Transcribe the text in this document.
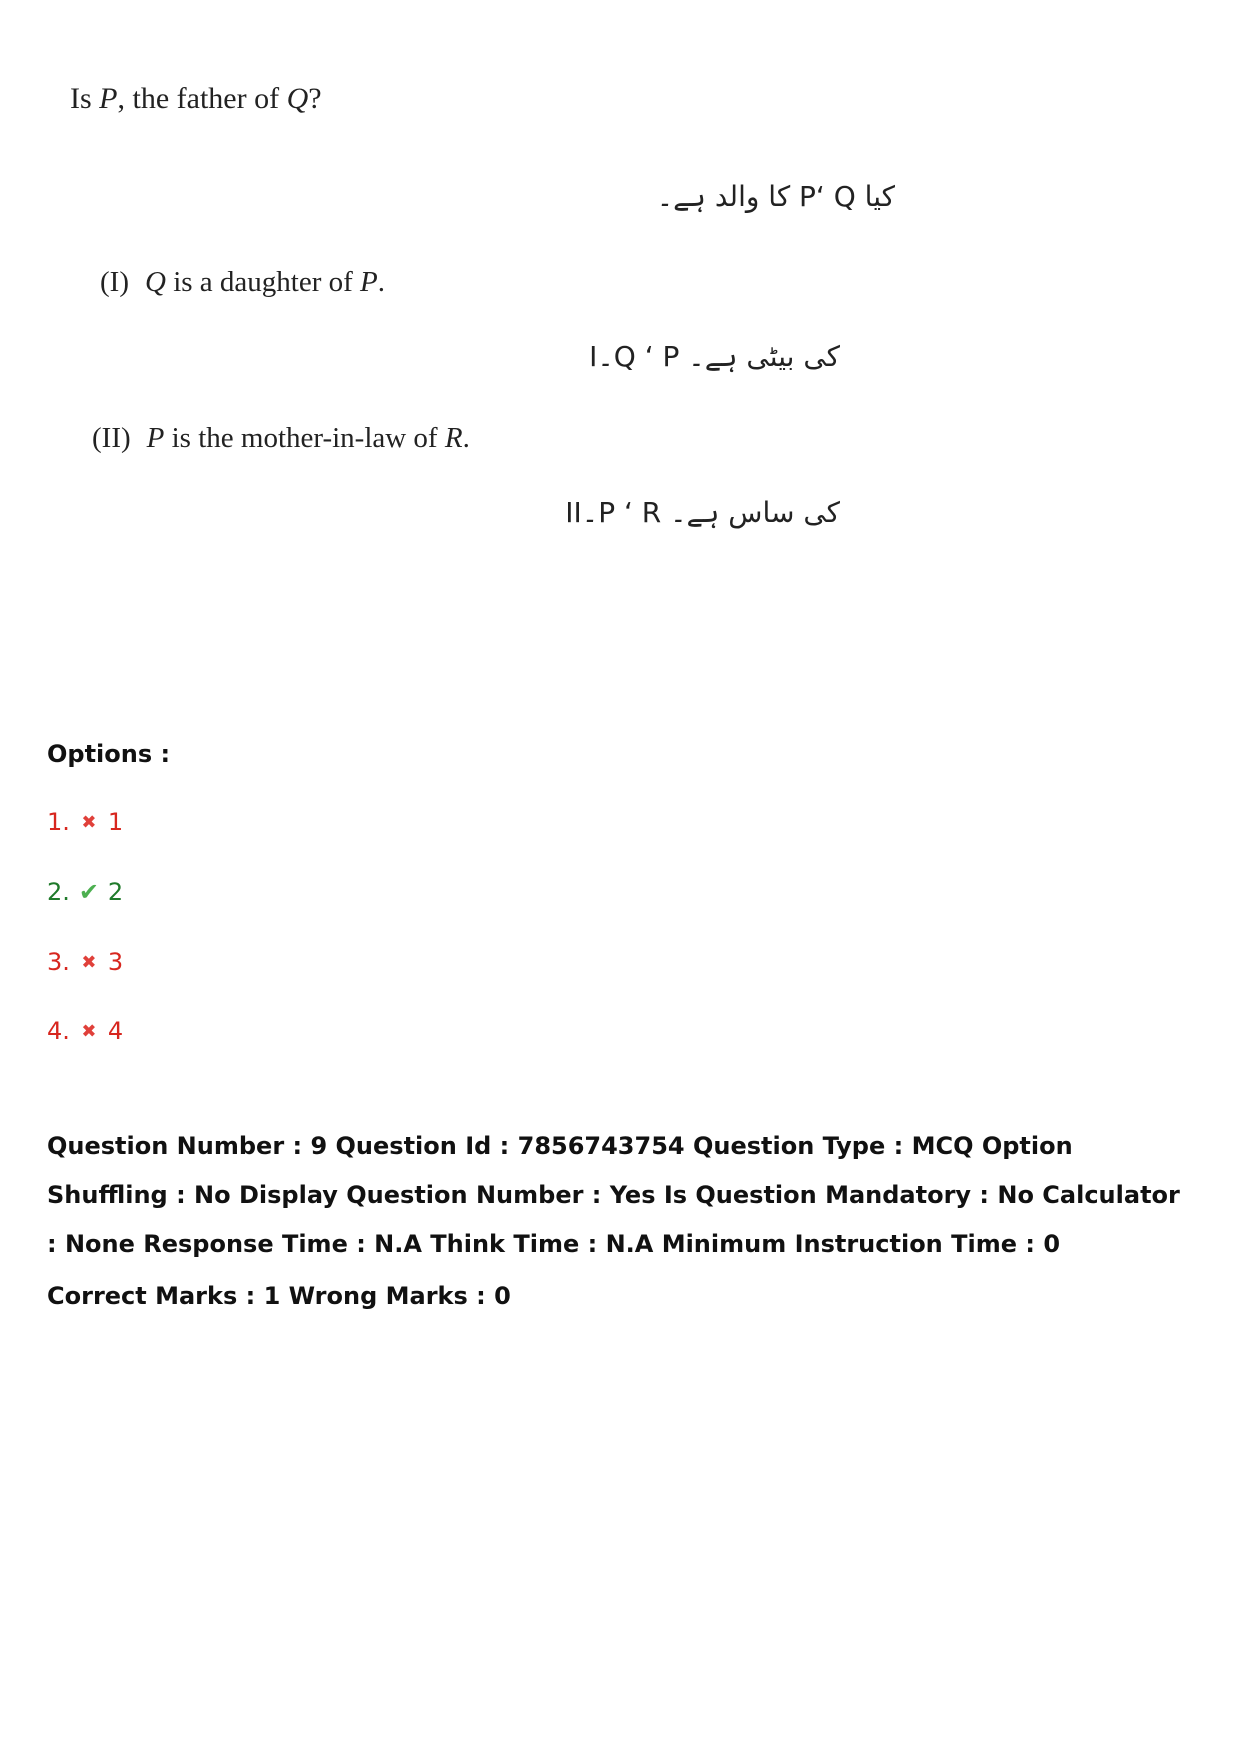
Is P, the father of Q?
کیا P‘ Q کا والد ہے۔
(I) Q is a daughter of P.
I۔Q ‘ P کی بیٹی ہے۔
(II) P is the mother-in-law of R.
II۔P ‘ R کی ساس ہے۔
Options :
1. ✖ 1
2. ✔ 2
3. ✖ 3
4. ✖ 4
Question Number : 9 Question Id : 7856743754 Question Type : MCQ Option Shuffling : No Display Question Number : Yes Is Question Mandatory : No Calculator : None Response Time : N.A Think Time : N.A Minimum Instruction Time : 0
Correct Marks : 1 Wrong Marks : 0
